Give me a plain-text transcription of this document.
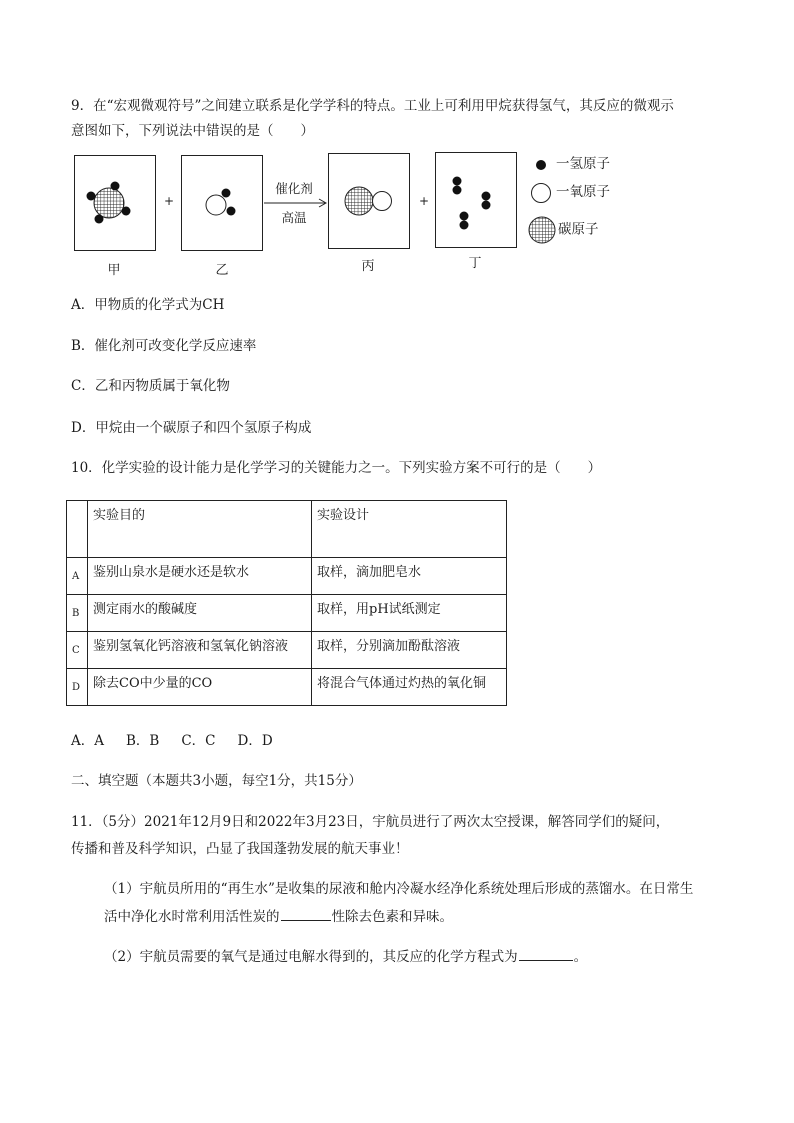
9．在“宏观微观符号”之间建立联系是化学学科的特点。工业上可利用甲烷获得氢气，其反应的微观示
意图如下，下列说法中错误的是（　　）
+
催化剂
高温
+
甲	乙	丙	丁
一氢原子
一氧原子
碳原子
A．甲物质的化学式为CH
B．催化剂可改变化学反应速率
C．乙和丙物质属于氧化物
D．甲烷由一个碳原子和四个氢原子构成
10．化学实验的设计能力是化学学习的关键能力之一。下列实验方案不可行的是（　　）
	实验目的	实验设计
A	鉴别山泉水是硬水还是软水	取样，滴加肥皂水
B	测定雨水的酸碱度	取样，用pH试纸测定
C	鉴别氢氧化钙溶液和氢氧化钠溶液	取样，分别滴加酚酞溶液
D	除去CO中少量的CO	将混合气体通过灼热的氧化铜
A．A B．B C．C D．D
二、填空题（本题共3小题，每空1分，共15分）
11．（5分）2021年12月9日和2022年3月23日，宇航员进行了两次太空授课，解答同学们的疑问，
传播和普及科学知识，凸显了我国蓬勃发展的航天事业！
（1）宇航员所用的“再生水”是收集的尿液和舱内冷凝水经净化系统处理后形成的蒸馏水。在日常生
活中净化水时常利用活性炭的	性除去色素和异味。
（2）宇航员需要的氧气是通过电解水得到的，其反应的化学方程式为	。
